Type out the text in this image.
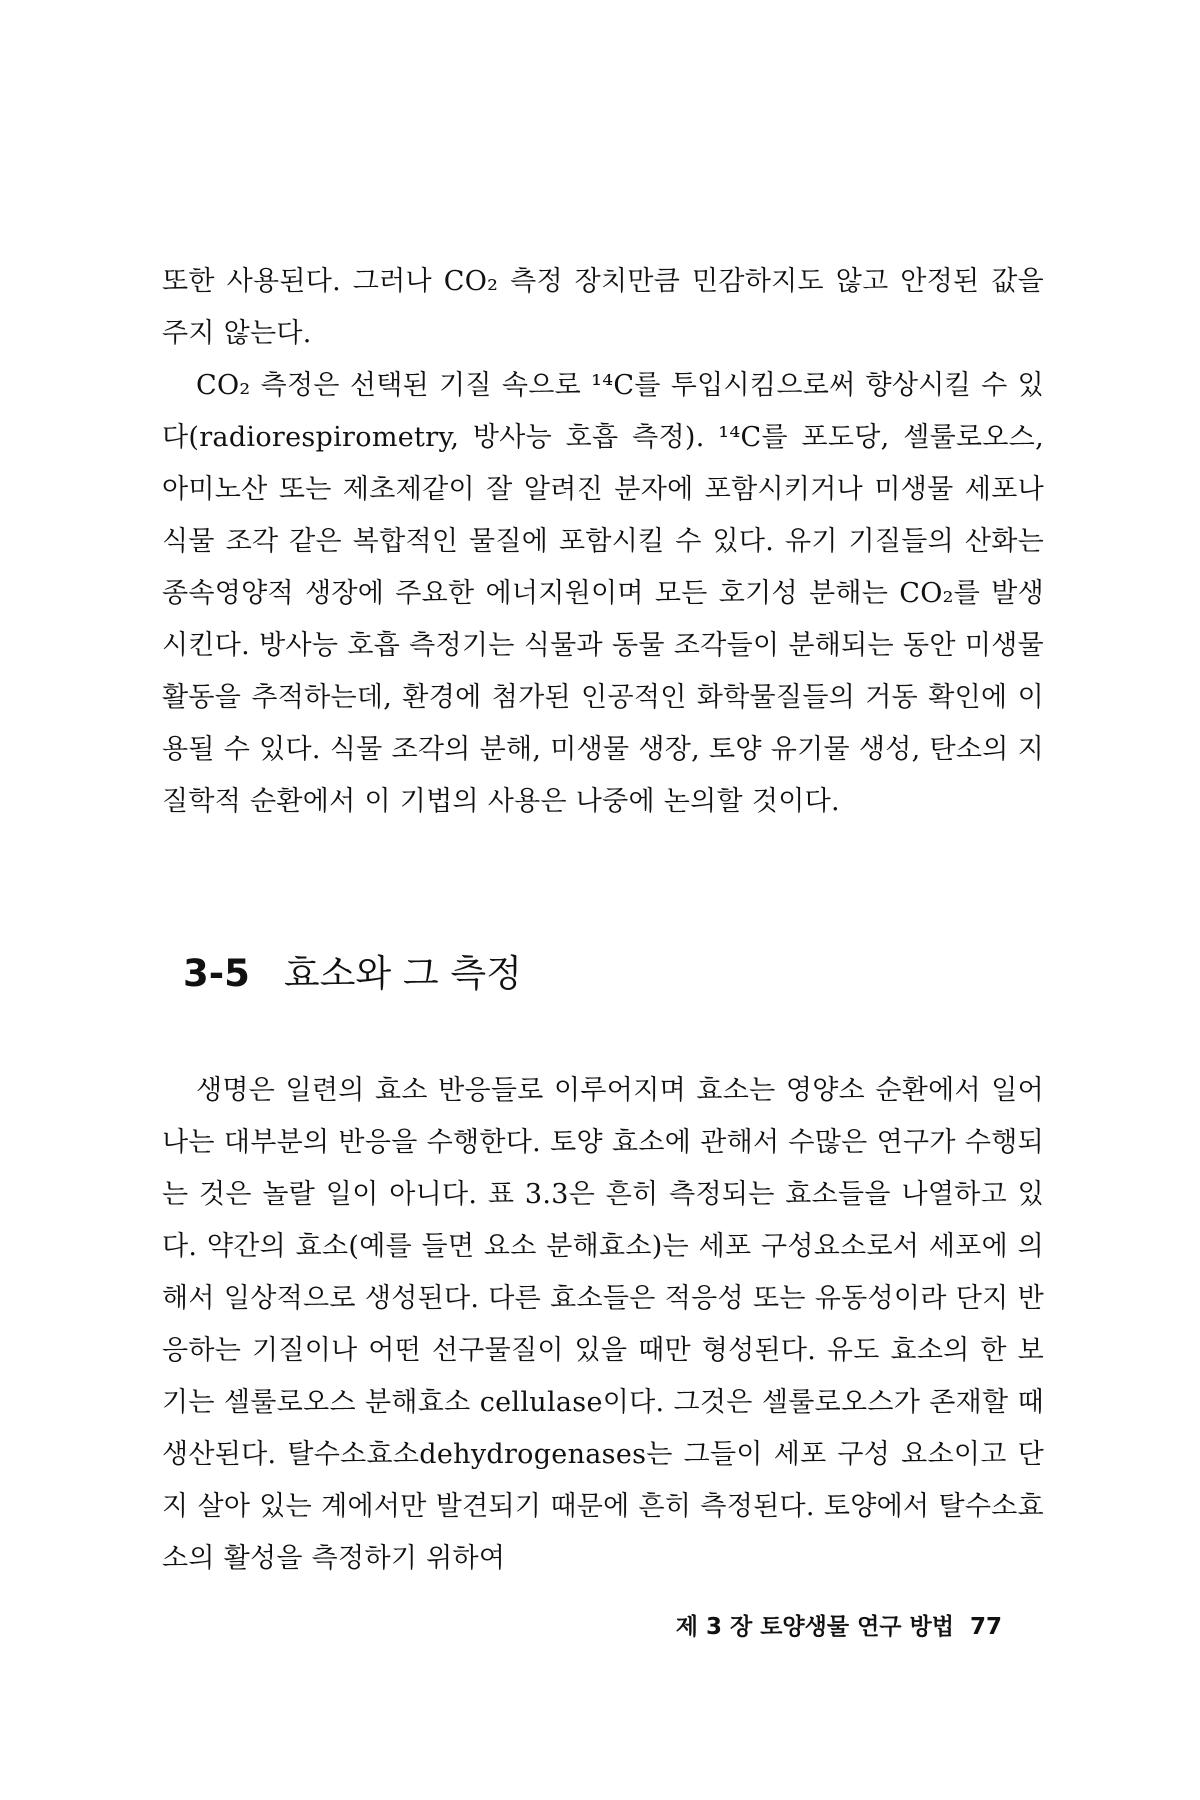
또한 사용된다. 그러나 CO₂ 측정 장치만큼 민감하지도 않고 안정된 값을 주지 않는다.

CO₂ 측정은 선택된 기질 속으로 ¹⁴C를 투입시킴으로써 향상시킬 수 있다(radiorespirometry, 방사능 호흡 측정). ¹⁴C를 포도당, 셀룰로오스, 아미노산 또는 제초제같이 잘 알려진 분자에 포함시키거나 미생물 세포나 식물 조각 같은 복합적인 물질에 포함시킬 수 있다. 유기 기질들의 산화는 종속영양적 생장에 주요한 에너지원이며 모든 호기성 분해는 CO₂를 발생시킨다. 방사능 호흡 측정기는 식물과 동물 조각들이 분해되는 동안 미생물 활동을 추적하는데, 환경에 첨가된 인공적인 화학물질들의 거동 확인에 이용될 수 있다. 식물 조각의 분해, 미생물 생장, 토양 유기물 생성, 탄소의 지질학적 순환에서 이 기법의 사용은 나중에 논의할 것이다.

3-5 효소와 그 측정

생명은 일련의 효소 반응들로 이루어지며 효소는 영양소 순환에서 일어나는 대부분의 반응을 수행한다. 토양 효소에 관해서 수많은 연구가 수행되는 것은 놀랄 일이 아니다. 표 3.3은 흔히 측정되는 효소들을 나열하고 있다. 약간의 효소(예를 들면 요소 분해효소)는 세포 구성요소로서 세포에 의해서 일상적으로 생성된다. 다른 효소들은 적응성 또는 유동성이라 단지 반응하는 기질이나 어떤 선구물질이 있을 때만 형성된다. 유도 효소의 한 보기는 셀룰로오스 분해효소 cellulase이다. 그것은 셀룰로오스가 존재할 때 생산된다. 탈수소효소dehydrogenases는 그들이 세포 구성 요소이고 단지 살아 있는 계에서만 발견되기 때문에 흔히 측정된다. 토양에서 탈수소효소의 활성을 측정하기 위하여

제 3 장 토양생물 연구 방법 77
